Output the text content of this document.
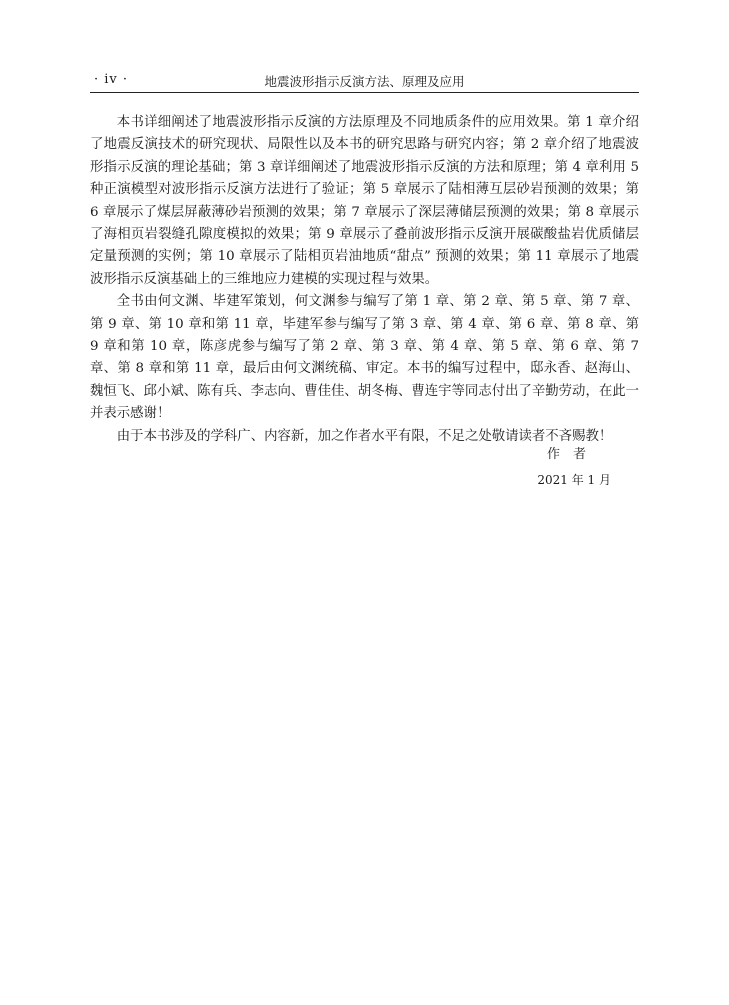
· iv ·	地震波形指示反演方法、原理及应用

本书详细阐述了地震波形指示反演的方法原理及不同地质条件的应用效果。第 1 章介绍了地震反演技术的研究现状、局限性以及本书的研究思路与研究内容；第 2 章介绍了地震波形指示反演的理论基础；第 3 章详细阐述了地震波形指示反演的方法和原理；第 4 章利用 5 种正演模型对波形指示反演方法进行了验证；第 5 章展示了陆相薄互层砂岩预测的效果；第 6 章展示了煤层屏蔽薄砂岩预测的效果；第 7 章展示了深层薄储层预测的效果；第 8 章展示了海相页岩裂缝孔隙度模拟的效果；第 9 章展示了叠前波形指示反演开展碳酸盐岩优质储层定量预测的实例；第 10 章展示了陆相页岩油地质“甜点” 预测的效果；第 11 章展示了地震波形指示反演基础上的三维地应力建模的实现过程与效果。

全书由何文渊、毕建军策划，何文渊参与编写了第 1 章、第 2 章、第 5 章、第 7 章、第 9 章、第 10 章和第 11 章，毕建军参与编写了第 3 章、第 4 章、第 6 章、第 8 章、第 9 章和第 10 章，陈彦虎参与编写了第 2 章、第 3 章、第 4 章、第 5 章、第 6 章、第 7 章、第 8 章和第 11 章，最后由何文渊统稿、审定。本书的编写过程中，邸永香、赵海山、魏恒飞、邱小斌、陈有兵、李志向、曹佳佳、胡冬梅、曹连宇等同志付出了辛勤劳动，在此一并表示感谢！

由于本书涉及的学科广、内容新，加之作者水平有限，不足之处敬请读者不吝赐教！

作者
2021 年 1 月
